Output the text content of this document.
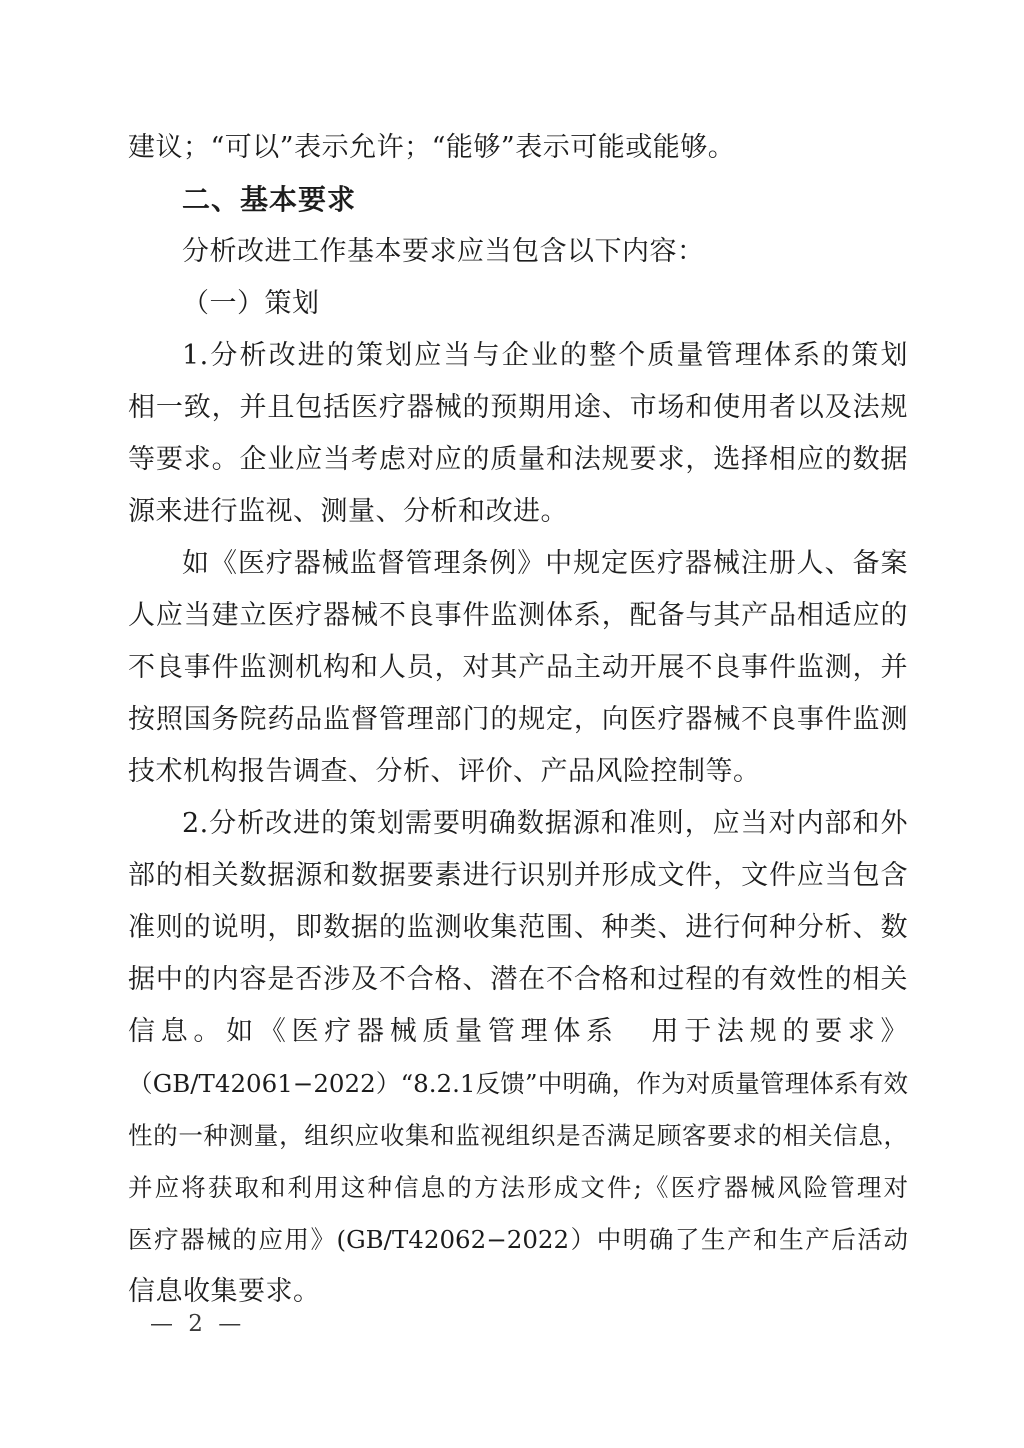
建议；“可以”表示允许；“能够”表示可能或能够。
二、基本要求
分析改进工作基本要求应当包含以下内容：
（一）策划
1.分析改进的策划应当与企业的整个质量管理体系的策划
相一致，并且包括医疗器械的预期用途、市场和使用者以及法规
等要求。企业应当考虑对应的质量和法规要求，选择相应的数据
源来进行监视、测量、分析和改进。
如《医疗器械监督管理条例》中规定医疗器械注册人、备案
人应当建立医疗器械不良事件监测体系，配备与其产品相适应的
不良事件监测机构和人员，对其产品主动开展不良事件监测，并
按照国务院药品监督管理部门的规定，向医疗器械不良事件监测
技术机构报告调查、分析、评价、产品风险控制等。
2.分析改进的策划需要明确数据源和准则，应当对内部和外
部的相关数据源和数据要素进行识别并形成文件，文件应当包含
准则的说明，即数据的监测收集范围、种类、进行何种分析、数
据中的内容是否涉及不合格、潜在不合格和过程的有效性的相关
信息。如《医疗器械质量管理体系　用于法规的要求》
（GB/T42061−2022）“8.2.1反馈”中明确，作为对质量管理体系有效
性的一种测量，组织应收集和监视组织是否满足顾客要求的相关信息，
并应将获取和利用这种信息的方法形成文件;《医疗器械风险管理对
医疗器械的应用》(GB/T42062−2022）中明确了生产和生产后活动
信息收集要求。
— 2 —
